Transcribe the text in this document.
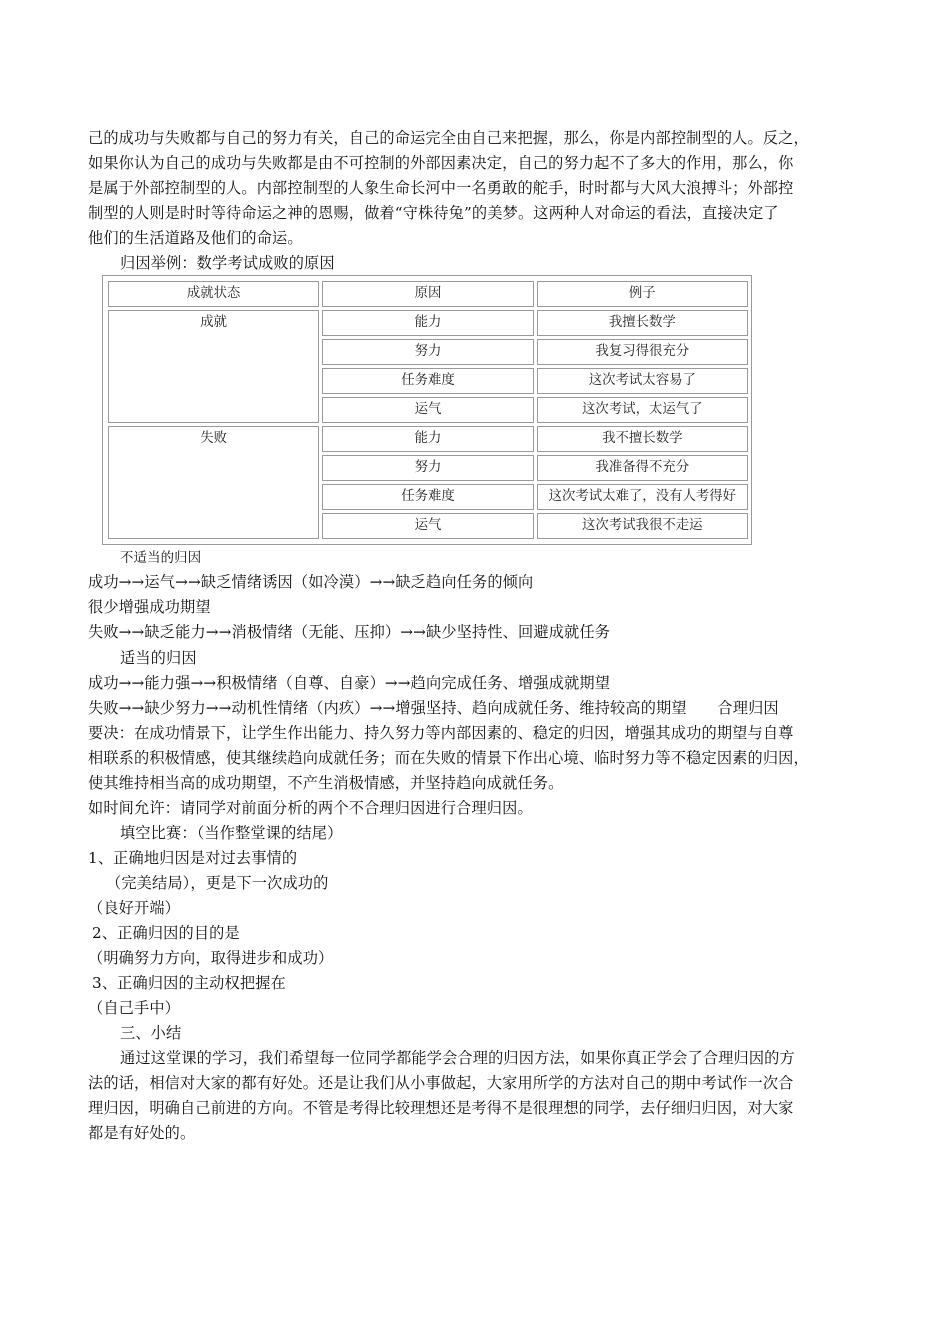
己的成功与失败都与自己的努力有关，自己的命运完全由自己来把握，那么，你是内部控制型的人。反之，
如果你认为自己的成功与失败都是由不可控制的外部因素决定，自己的努力起不了多大的作用，那么，你
是属于外部控制型的人。内部控制型的人象生命长河中一名勇敢的舵手，时时都与大风大浪搏斗；外部控
制型的人则是时时等待命运之神的恩赐，做着“守株待兔”的美梦。这两种人对命运的看法，直接决定了
他们的生活道路及他们的命运。
归因举例：数学考试成败的原因
成就状态	原因	例子
成就	能力	我擅长数学
	努力	我复习得很充分
	任务难度	这次考试太容易了
	运气	这次考试，太运气了
失败	能力	我不擅长数学
	努力	我准备得不充分
	任务难度	这次考试太难了，没有人考得好
	运气	这次考试我很不走运
不适当的归因
成功→→运气→→缺乏情绪诱因（如冷漠）→→缺乏趋向任务的倾向
很少增强成功期望
失败→→缺乏能力→→消极情绪（无能、压抑）→→缺少坚持性、回避成就任务
适当的归因
成功→→能力强→→积极情绪（自尊、自豪）→→趋向完成任务、增强成就期望
失败→→缺少努力→→动机性情绪（内疚）→→增强坚持、趋向成就任务、维持较高的期望　　合理归因
要决：在成功情景下，让学生作出能力、持久努力等内部因素的、稳定的归因，增强其成功的期望与自尊
相联系的积极情感，使其继续趋向成就任务；而在失败的情景下作出心境、临时努力等不稳定因素的归因，
使其维持相当高的成功期望，不产生消极情感，并坚持趋向成就任务。
如时间允许：请同学对前面分析的两个不合理归因进行合理归因。
填空比赛：（当作整堂课的结尾）
1、正确地归因是对过去事情的
（完美结局），更是下一次成功的
（良好开端）
2、正确归因的目的是
（明确努力方向，取得进步和成功）
3、正确归因的主动权把握在
（自己手中）
三、小结
通过这堂课的学习，我们希望每一位同学都能学会合理的归因方法，如果你真正学会了合理归因的方
法的话，相信对大家的都有好处。还是让我们从小事做起，大家用所学的方法对自己的期中考试作一次合
理归因，明确自己前进的方向。不管是考得比较理想还是考得不是很理想的同学，去仔细归归因，对大家
都是有好处的。
